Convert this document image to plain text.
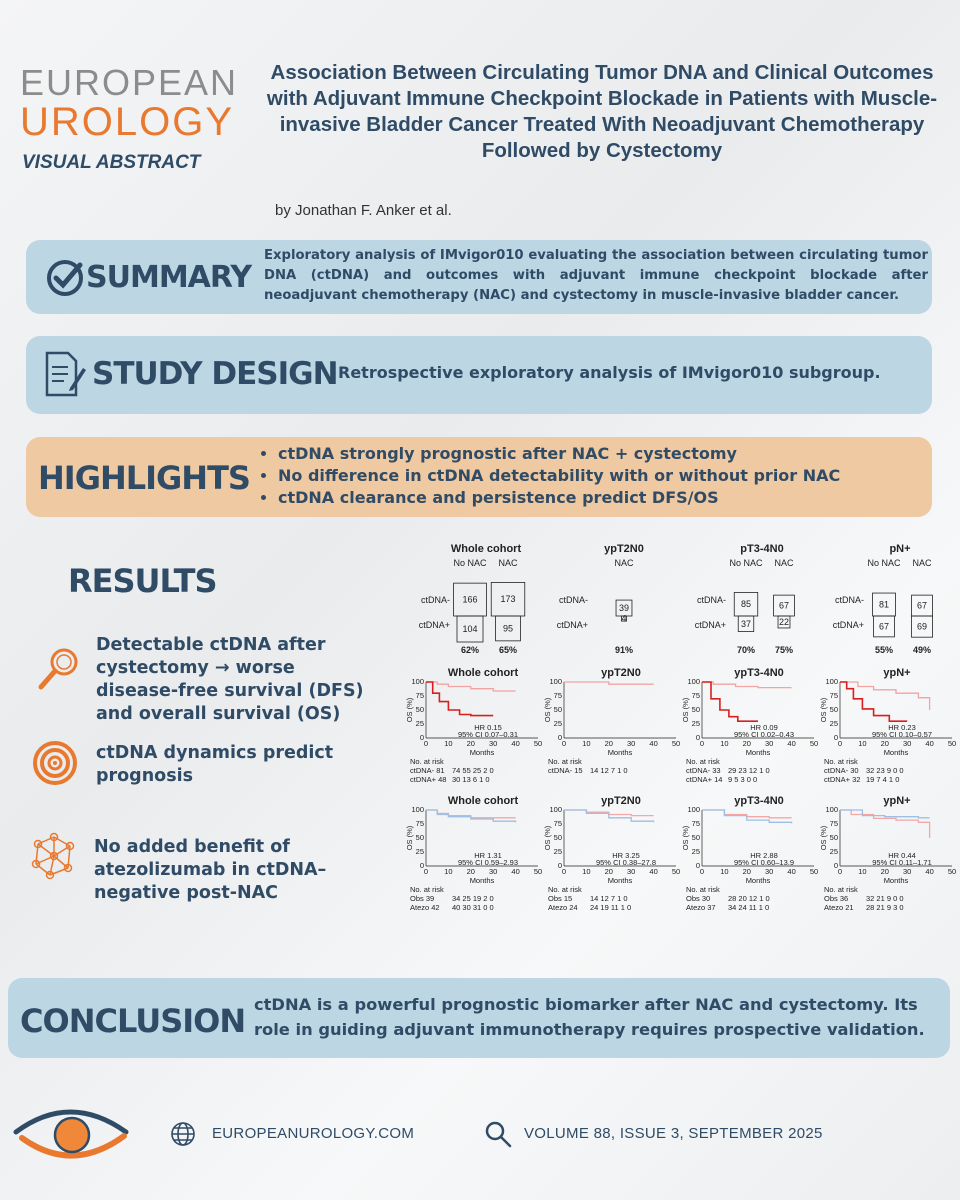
EUROPEAN
UROLOGY
VISUAL ABSTRACT
Association Between Circulating Tumor DNA and Clinical Outcomes with Adjuvant Immune Checkpoint Blockade in Patients with Muscle-invasive Bladder Cancer Treated With Neoadjuvant Chemotherapy Followed by Cystectomy
by Jonathan F. Anker et al.
SUMMARY
Exploratory analysis of IMvigor010 evaluating the association between circulating tumor DNA (ctDNA) and outcomes with adjuvant immune checkpoint blockade after neoadjuvant chemotherapy (NAC) and cystectomy in muscle-invasive bladder cancer.
STUDY DESIGN Retrospective exploratory analysis of IMvigor010 subgroup.
HIGHLIGHTS
• ctDNA strongly prognostic after NAC + cystectomy
• No difference in ctDNA detectability with or without prior NAC
• ctDNA clearance and persistence predict DFS/OS
RESULTS
Detectable ctDNA after cystectomy → worse disease-free survival (DFS) and overall survival (OS)
ctDNA dynamics predict prognosis
No added benefit of atezolizumab in ctDNA–negative post-NAC
Whole cohort
No NAC NAC
ctDNA-
ctDNA+
166
104
62%
173
95
65%
ypT2N0
NAC
ctDNA-
ctDNA+
39
4
91%
pT3-4N0
No NAC NAC
ctDNA-
ctDNA+
85
37
70%
67
22
75%
pN+
No NAC NAC
ctDNA-
ctDNA+
81
67
55%
67
69
49%
Whole cohort
OS (%)
0
25
50
75
100
0 10 20 30 40 50
Months
HR 0.15
95% CI 0.07–0.31
No. at risk
ctDNA- 81 74 55 25 2 0
ctDNA+ 48 30 13 6 1 0
ypT2N0
OS (%)
0
25
50
75
100
0 10 20 30 40 50
Months
No. at risk
ctDNA- 15 14 12 7 1 0
ypT3-4N0
OS (%)
0
25
50
75
100
0 10 20 30 40 50
Months
HR 0.09
95% CI 0.02–0.43
No. at risk
ctDNA- 33 29 23 12 1 0
ctDNA+ 14 9 5 3 0 0
ypN+
OS (%)
0
25
50
75
100
0 10 20 30 40 50
Months
HR 0.23
95% CI 0.10–0.57
No. at risk
ctDNA- 30 32 23 9 0 0
ctDNA+ 32 19 7 4 1 0
Whole cohort
OS (%)
0
25
50
75
100
0 10 20 30 40 50
Months
HR 1.31
95% CI 0.59–2.93
No. at risk
Obs 39 34 25 19 2 0
Atezo 42 40 30 31 0 0
ypT2N0
OS (%)
0
25
50
75
100
0 10 20 30 40 50
Months
HR 3.25
95% CI 0.38–27.8
No. at risk
Obs 15 14 12 7 1 0
Atezo 24 24 19 11 1 0
ypT3-4N0
OS (%)
0
25
50
75
100
0 10 20 30 40 50
Months
HR 2.88
95% CI 0.60–13.9
No. at risk
Obs 30 28 20 12 1 0
Atezo 37 34 24 11 1 0
ypN+
OS (%)
0
25
50
75
100
0 10 20 30 40 50
Months
HR 0.44
95% CI 0.11–1.71
No. at risk
Obs 36 32 21 9 0 0
Atezo 21 28 21 9 3 0
CONCLUSION ctDNA is a powerful prognostic biomarker after NAC and cystectomy. Its role in guiding adjuvant immunotherapy requires prospective validation.
EUROPEANUROLOGY.COM	VOLUME 88, ISSUE 3, SEPTEMBER 2025
